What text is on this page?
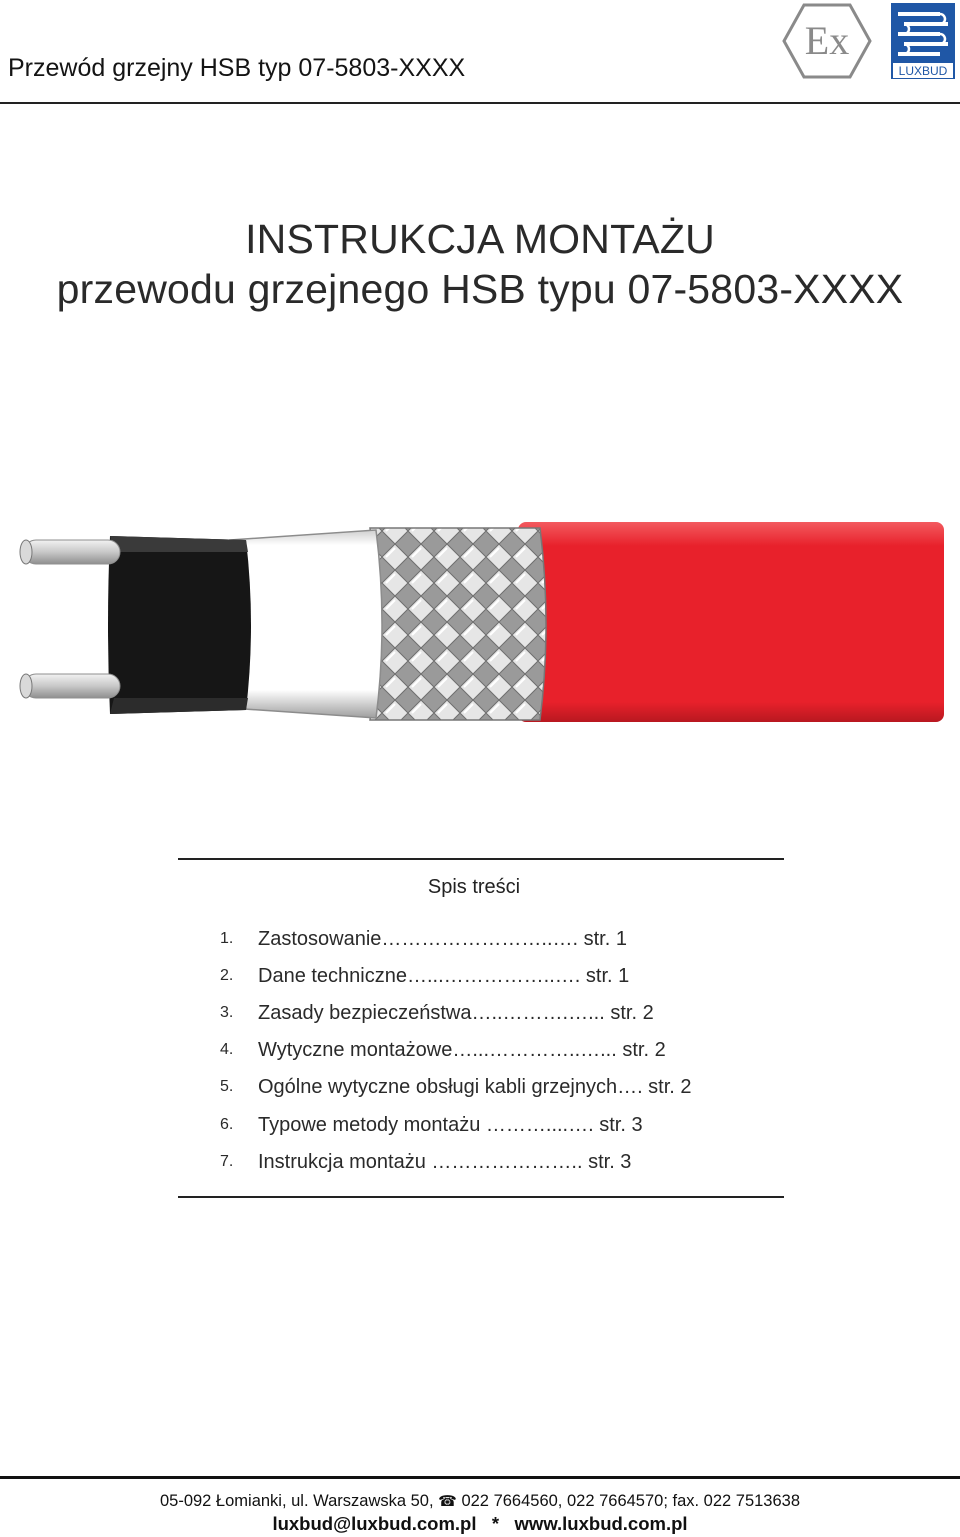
Przewód grzejny HSB typ 07-5803-XXXX
Ex
LUXBUD
INSTRUKCJA MONTAŻU
przewodu grzejnego HSB typu 07-5803-XXXX
Spis treści
1. Zastosowanie……………………..…. str. 1
2. Dane techniczne…...……………..…. str. 1
3. Zasady bezpieczeństwa…..……….…... str. 2
4. Wytyczne montażowe…...…………..…... str. 2
5. Ogólne wytyczne obsługi kabli grzejnych…. str. 2
6. Typowe metody montażu ………....…. str. 3
7. Instrukcja montażu ………………….. str. 3
05-092 Łomianki, ul. Warszawska 50, ☎ 022 7664560, 022 7664570; fax. 022 7513638
luxbud@luxbud.com.pl   *   www.luxbud.com.pl
